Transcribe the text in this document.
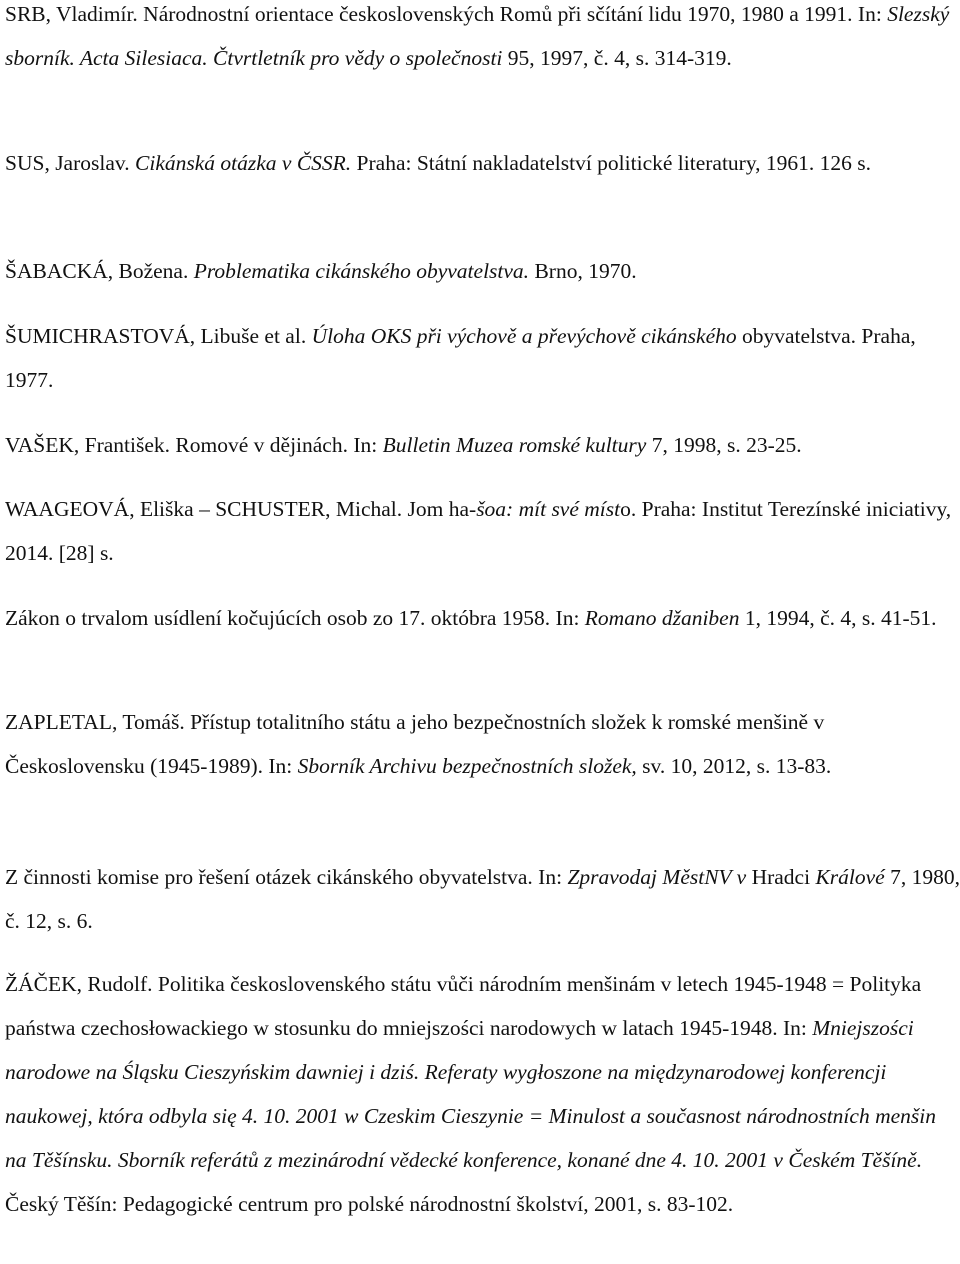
SRB, Vladimír. Národnostní orientace československých Romů při sčítání lidu 1970, 1980 a 1991. In: Slezský sborník. Acta Silesiaca. Čtvrtletník pro vědy o společnosti 95, 1997, č. 4, s. 314-319.

SUS, Jaroslav. Cikánská otázka v ČSSR. Praha: Státní nakladatelství politické literatury, 1961. 126 s.

ŠABACKÁ, Božena. Problematika cikánského obyvatelstva. Brno, 1970.

ŠUMICHRASTOVÁ, Libuše et al. Úloha OKS při výchově a převýchově cikánského obyvatelstva. Praha, 1977.

VAŠEK, František. Romové v dějinách. In: Bulletin Muzea romské kultury 7, 1998, s. 23-25.

WAAGEOVÁ, Eliška – SCHUSTER, Michal. Jom ha-šoa: mít své místo. Praha: Institut Terezínské iniciativy, 2014. [28] s.

Zákon o trvalom usídlení kočujúcích osob zo 17. októbra 1958. In: Romano džaniben 1, 1994, č. 4, s. 41-51.

ZAPLETAL, Tomáš. Přístup totalitního státu a jeho bezpečnostních složek k romské menšině v Československu (1945-1989). In: Sborník Archivu bezpečnostních složek, sv. 10, 2012, s. 13-83.

Z činnosti komise pro řešení otázek cikánského obyvatelstva. In: Zpravodaj MěstNV v Hradci Králové 7, 1980, č. 12, s. 6.

ŽÁČEK, Rudolf. Politika československého státu vůči národním menšinám v letech 1945-1948 = Polityka państwa czechosłowackiego w stosunku do mniejszości narodowych w latach 1945-1948. In: Mniejszości narodowe na Śląsku Cieszyńskim dawniej i dziś. Referaty wygłoszone na międzynarodowej konferencji naukowej, która odbyla się 4. 10. 2001 w Czeskim Cieszynie = Minulost a současnost národnostních menšin na Těšínsku. Sborník referátů z mezinárodní vědecké konference, konané dne 4. 10. 2001 v Českém Těšíně. Český Těšín: Pedagogické centrum pro polské národnostní školství, 2001, s. 83-102.
